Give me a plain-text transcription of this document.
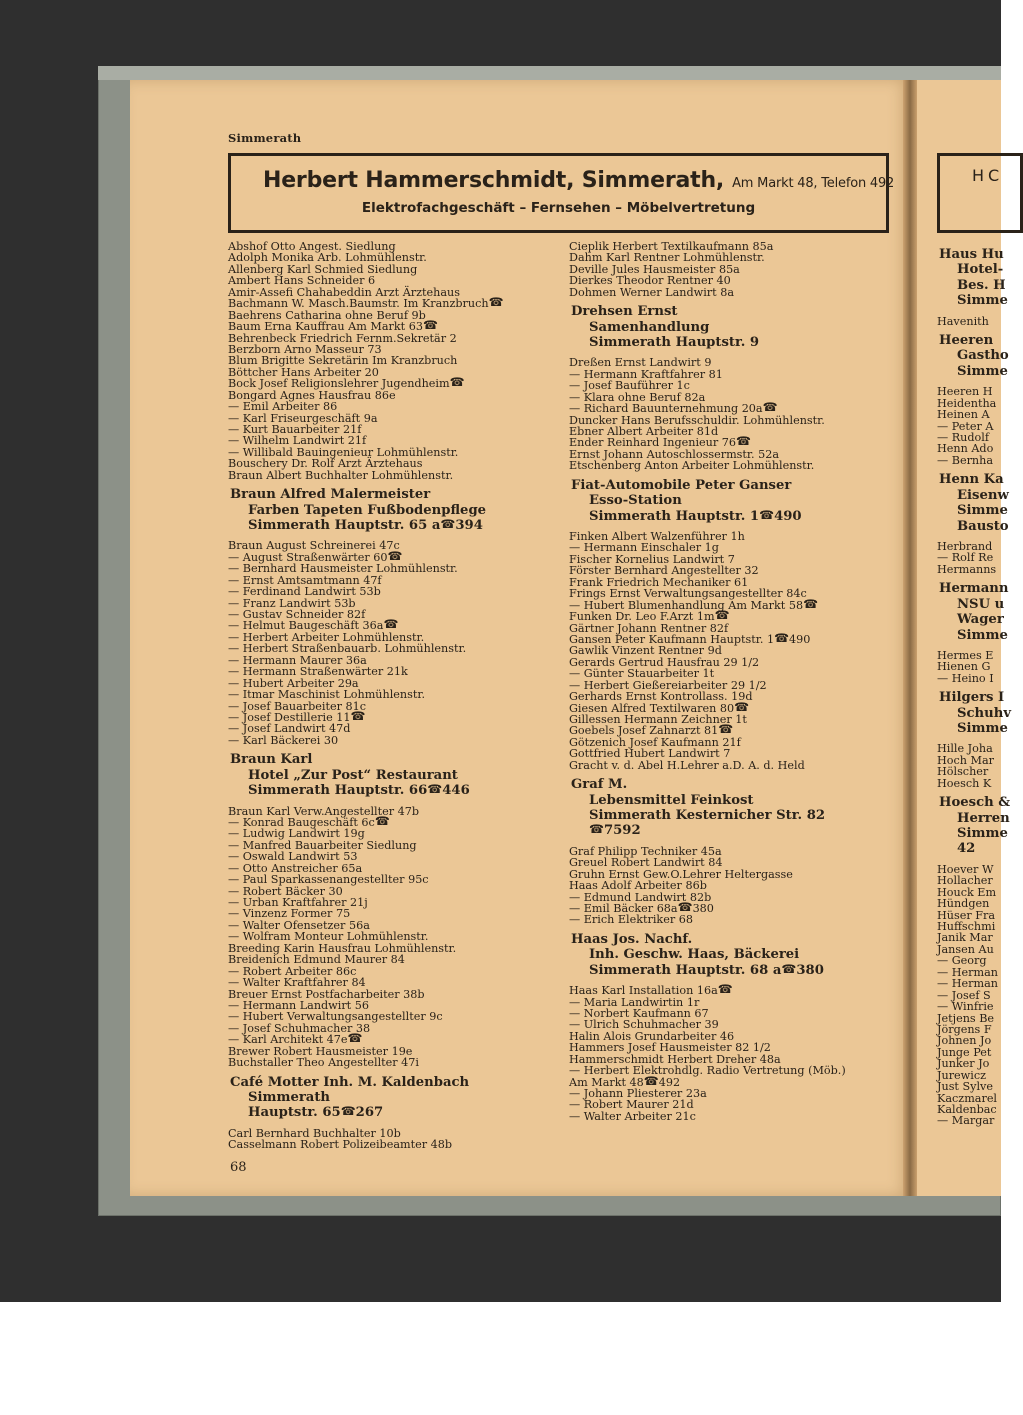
Simmerath
Herbert Hammerschmidt, Simmerath, Am Markt 48, Telefon 492
Elektrofachgeschäft – Fernsehen – Möbelvertretung
Abshof Otto Angest. Siedlung
Adolph Monika Arb. Lohmühlenstr.
Allenberg Karl Schmied Siedlung
Ambert Hans Schneider 6
Amir-Assefi Chahabeddin Arzt Ärztehaus
Bachmann W. Masch.Baumstr. Im Kranzbruch☎
Baehrens Catharina ohne Beruf 9b
Baum Erna Kauffrau Am Markt 63☎
Behrenbeck Friedrich Fernm.Sekretär 2
Berzborn Arno Masseur 73
Blum Brigitte Sekretärin Im Kranzbruch
Böttcher Hans Arbeiter 20
Bock Josef Religionslehrer Jugendheim☎
Bongard Agnes Hausfrau 86e
— Emil Arbeiter 86
— Karl Friseurgeschäft 9a
— Kurt Bauarbeiter 21f
— Wilhelm Landwirt 21f
— Willibald Bauingenieur Lohmühlenstr.
Bouschery Dr. Rolf Arzt Ärztehaus
Braun Albert Buchhalter Lohmühlenstr.
Braun Alfred Malermeister
Farben Tapeten Fußbodenpflege
Simmerath Hauptstr. 65 a☎394
Braun August Schreinerei 47c
— August Straßenwärter 60☎
— Bernhard Hausmeister Lohmühlenstr.
— Ernst Amtsamtmann 47f
— Ferdinand Landwirt 53b
— Franz Landwirt 53b
— Gustav Schneider 82f
— Helmut Baugeschäft 36a☎
— Herbert Arbeiter Lohmühlenstr.
— Herbert Straßenbauarb. Lohmühlenstr.
— Hermann Maurer 36a
— Hermann Straßenwärter 21k
— Hubert Arbeiter 29a
— Itmar Maschinist Lohmühlenstr.
— Josef Bauarbeiter 81c
— Josef Destillerie 11☎
— Josef Landwirt 47d
— Karl Bäckerei 30
Braun Karl
Hotel „Zur Post“ Restaurant
Simmerath Hauptstr. 66☎446
Braun Karl Verw.Angestellter 47b
— Konrad Baugeschäft 6c☎
— Ludwig Landwirt 19g
— Manfred Bauarbeiter Siedlung
— Oswald Landwirt 53
— Otto Anstreicher 65a
— Paul Sparkassenangestellter 95c
— Robert Bäcker 30
— Urban Kraftfahrer 21j
— Vinzenz Former 75
— Walter Ofensetzer 56a
— Wolfram Monteur Lohmühlenstr.
Breeding Karin Hausfrau Lohmühlenstr.
Breidenich Edmund Maurer 84
— Robert Arbeiter 86c
— Walter Kraftfahrer 84
Breuer Ernst Postfacharbeiter 38b
— Hermann Landwirt 56
— Hubert Verwaltungsangestellter 9c
— Josef Schuhmacher 38
— Karl Architekt 47e☎
Brewer Robert Hausmeister 19e
Buchstaller Theo Angestellter 47i
Café Motter Inh. M. Kaldenbach
Simmerath
Hauptstr. 65☎267
Carl Bernhard Buchhalter 10b
Casselmann Robert Polizeibeamter 48b
Cieplik Herbert Textilkaufmann 85a
Dahm Karl Rentner Lohmühlenstr.
Deville Jules Hausmeister 85a
Dierkes Theodor Rentner 40
Dohmen Werner Landwirt 8a
Drehsen Ernst
Samenhandlung
Simmerath Hauptstr. 9
Dreßen Ernst Landwirt 9
— Hermann Kraftfahrer 81
— Josef Bauführer 1c
— Klara ohne Beruf 82a
— Richard Bauunternehmung 20a☎
Duncker Hans Berufsschuldir. Lohmühlenstr.
Ebner Albert Arbeiter 81d
Ender Reinhard Ingenieur 76☎
Ernst Johann Autoschlossermstr. 52a
Etschenberg Anton Arbeiter Lohmühlenstr.
Fiat-Automobile Peter Ganser
Esso-Station
Simmerath Hauptstr. 1☎490
Finken Albert Walzenführer 1h
— Hermann Einschaler 1g
Fischer Kornelius Landwirt 7
Förster Bernhard Angestellter 32
Frank Friedrich Mechaniker 61
Frings Ernst Verwaltungsangestellter 84c
— Hubert Blumenhandlung Am Markt 58☎
Funken Dr. Leo F.Arzt 1m☎
Gärtner Johann Rentner 82f
Gansen Peter Kaufmann Hauptstr. 1☎490
Gawlik Vinzent Rentner 9d
Gerards Gertrud Hausfrau 29 1/2
— Günter Stauarbeiter 1t
— Herbert Gießereiarbeiter 29 1/2
Gerhards Ernst Kontrollass. 19d
Giesen Alfred Textilwaren 80☎
Gillessen Hermann Zeichner 1t
Goebels Josef Zahnarzt 81☎
Götzenich Josef Kaufmann 21f
Gottfried Hubert Landwirt 7
Gracht v. d. Abel H.Lehrer a.D. A. d. Held
Graf M.
Lebensmittel Feinkost
Simmerath Kesternicher Str. 82
☎7592
Graf Philipp Techniker 45a
Greuel Robert Landwirt 84
Gruhn Ernst Gew.O.Lehrer Heltergasse
Haas Adolf Arbeiter 86b
— Edmund Landwirt 82b
— Emil Bäcker 68a☎380
— Erich Elektriker 68
Haas Jos. Nachf.
Inh. Geschw. Haas, Bäckerei
Simmerath Hauptstr. 68 a☎380
Haas Karl Installation 16a☎
— Maria Landwirtin 1r
— Norbert Kaufmann 67
— Ulrich Schuhmacher 39
Halin Alois Grundarbeiter 46
Hammers Josef Hausmeister 82 1/2
Hammerschmidt Herbert Dreher 48a
— Herbert Elektrohdlg. Radio Vertretung (Möb.)
Am Markt 48☎492
— Johann Pliesterer 23a
— Robert Maurer 21d
— Walter Arbeiter 21c
HC
Haus Hu
Hotel-
Bes. H
Simme
Havenith
Heeren
Gastho
Simme
Heeren H
Heidentha
Heinen A
— Peter A
— Rudolf
Henn Ado
— Bernha
Henn Ka
Eisenw
Simme
Bausto
Herbrand
— Rolf Re
Hermanns
Hermann
NSU u
Wager
Simme
Hermes E
Hienen G
— Heino I
Hilgers I
Schuhv
Simme
Hille Joha
Hoch Mar
Hölscher
Hoesch K
Hoesch &
Herren
Simme
42
Hoever W
Hollacher
Houck Em
Hündgen
Hüser Fra
Huffschmi
Janik Mar
Jansen Au
— Georg
— Herman
— Herman
— Josef S
— Winfrie
Jetjens Be
Jörgens F
Johnen Jo
Junge Pet
Junker Jo
Jurewicz
Just Sylve
Kaczmarel
Kaldenbac
— Margar
68
